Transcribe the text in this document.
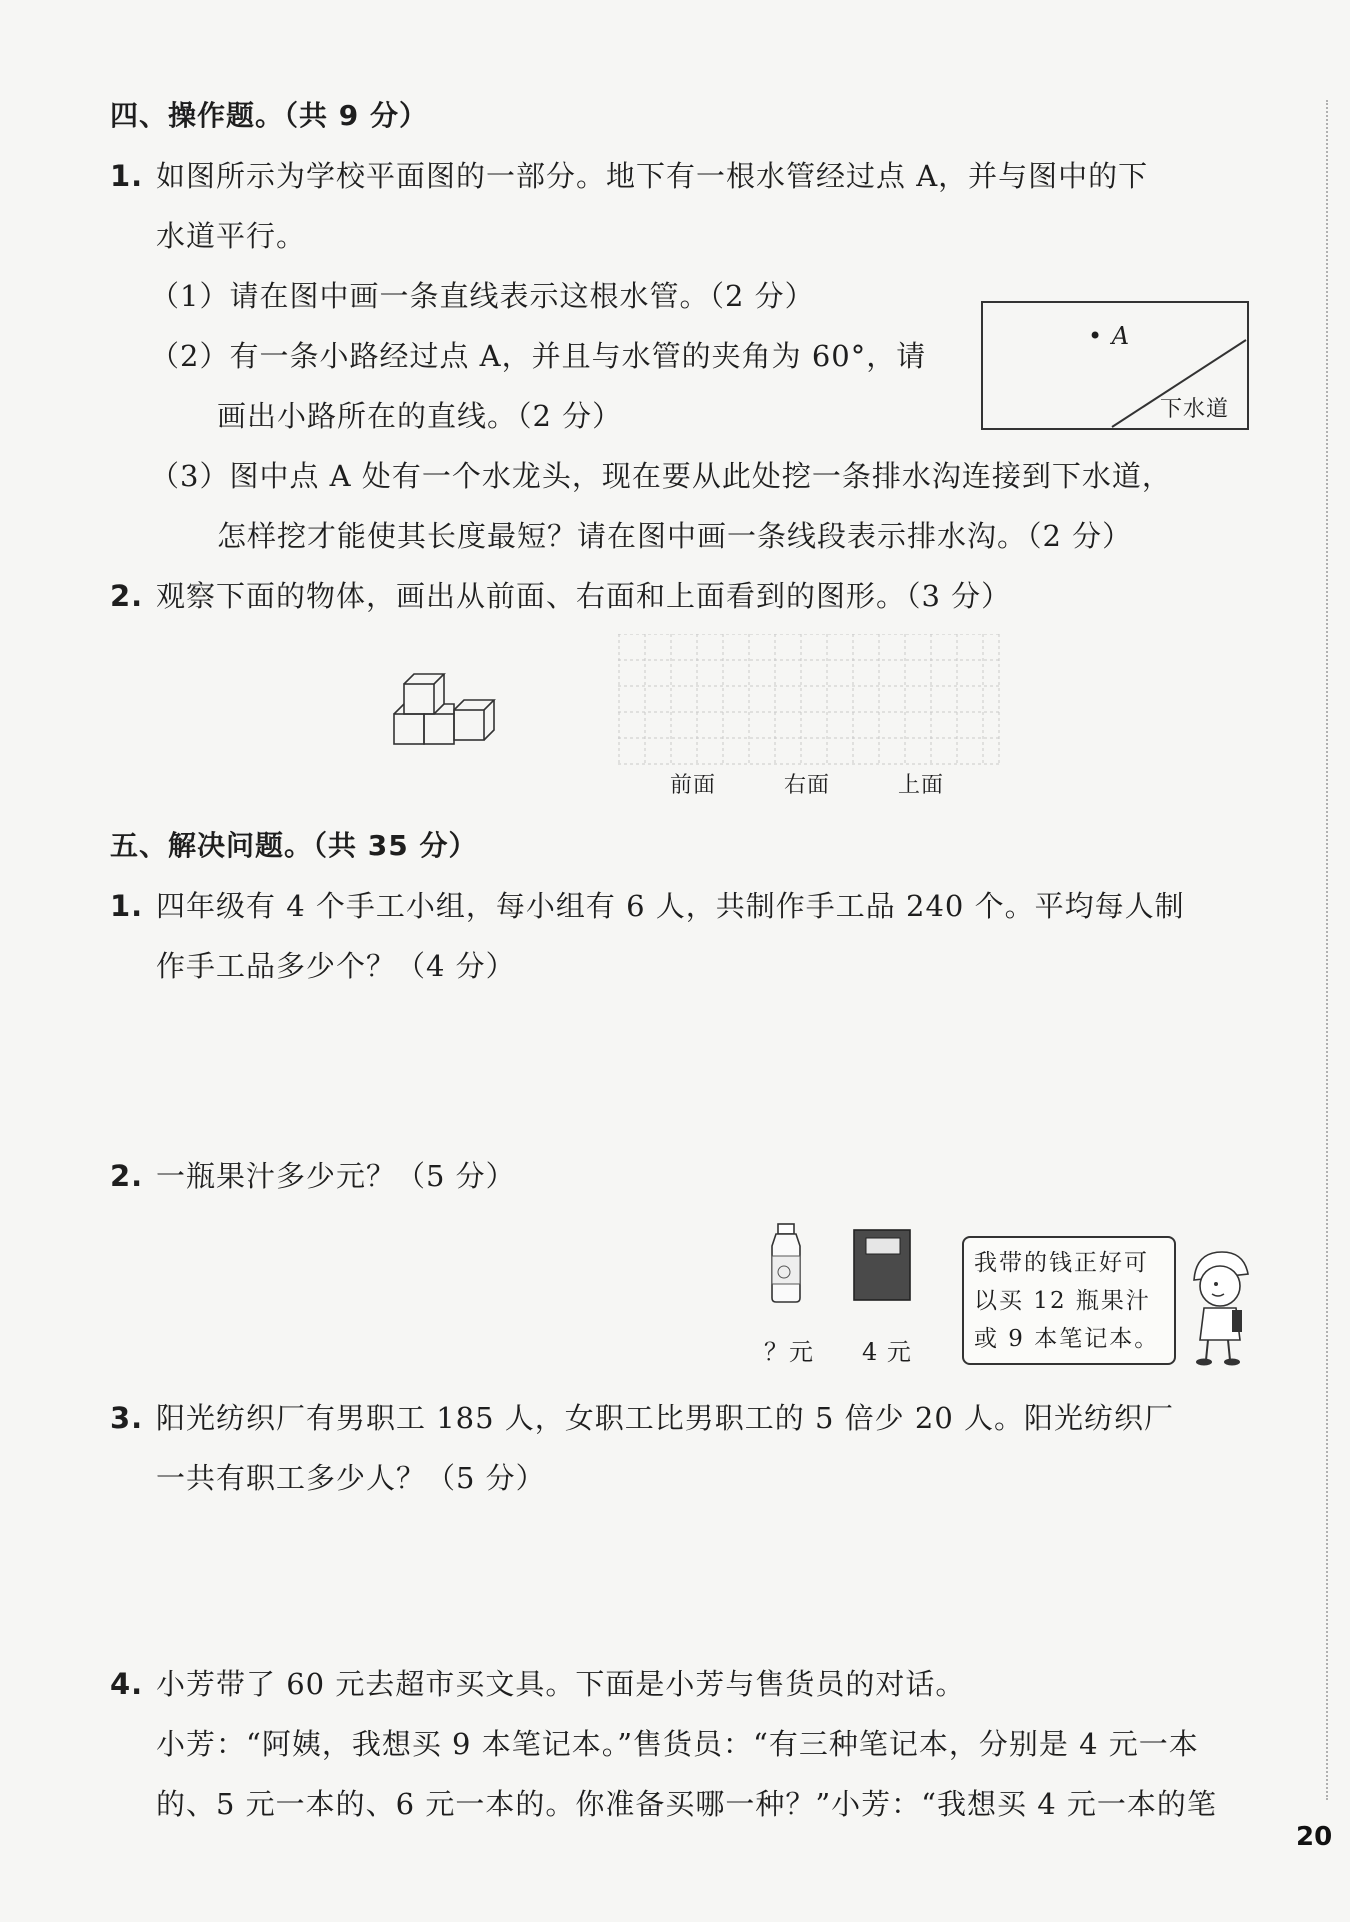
四、操作题。（共 9 分）
1. 如图所示为学校平面图的一部分。地下有一根水管经过点 A，并与图中的下
水道平行。
（1）请在图中画一条直线表示这根水管。（2 分）
（2）有一条小路经过点 A，并且与水管的夹角为 60°，请
画出小路所在的直线。（2 分）
（3）图中点 A 处有一个水龙头，现在要从此处挖一条排水沟连接到下水道，
怎样挖才能使其长度最短？请在图中画一条线段表示排水沟。（2 分）
• A
下水道
2. 观察下面的物体，画出从前面、右面和上面看到的图形。（3 分）
前面	右面	上面
五、解决问题。（共 35 分）
1. 四年级有 4 个手工小组，每小组有 6 人，共制作手工品 240 个。平均每人制
作手工品多少个？（4 分）
2. 一瓶果汁多少元？（5 分）
？元 4 元
我带的钱正好可
以买 12 瓶果汁
或 9 本笔记本。
3. 阳光纺织厂有男职工 185 人，女职工比男职工的 5 倍少 20 人。阳光纺织厂
一共有职工多少人？（5 分）
4. 小芳带了 60 元去超市买文具。下面是小芳与售货员的对话。
小芳：“阿姨，我想买 9 本笔记本。”售货员：“有三种笔记本，分别是 4 元一本
的、5 元一本的、6 元一本的。你准备买哪一种？”小芳：“我想买 4 元一本的笔
20
